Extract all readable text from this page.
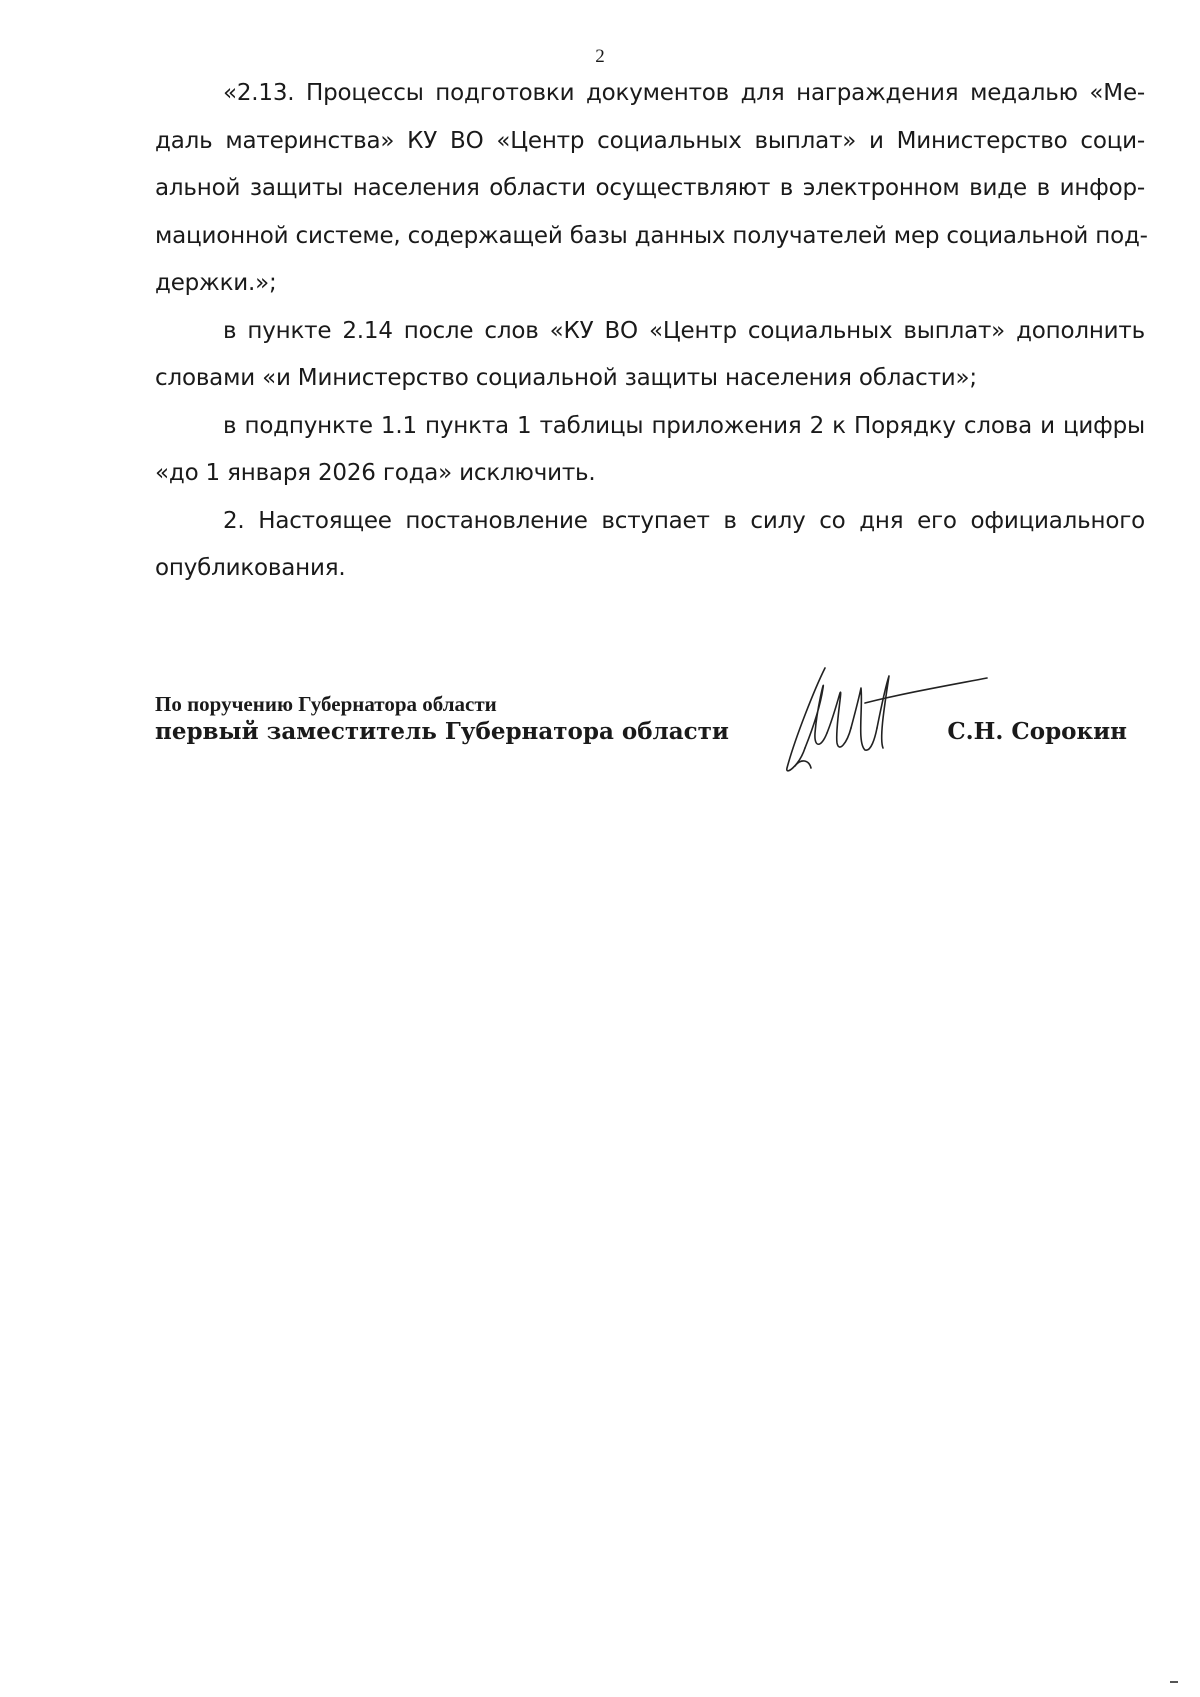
2

«2.13. Процессы подготовки документов для награждения медалью «Ме-
даль материнства» КУ ВО «Центр социальных выплат» и Министерство соци-
альной защиты населения области осуществляют в электронном виде в инфор-
мационной системе, содержащей базы данных получателей мер социальной под-
держки.»;

в пункте 2.14 после слов «КУ ВО «Центр социальных выплат» дополнить
словами «и Министерство социальной защиты населения области»;

в подпункте 1.1 пункта 1 таблицы приложения 2 к Порядку слова и цифры
«до 1 января 2026 года» исключить.

2. Настоящее постановление вступает в силу со дня его официального
опубликования.

По поручению Губернатора области
первый заместитель Губернатора области	С.Н. Сорокин
